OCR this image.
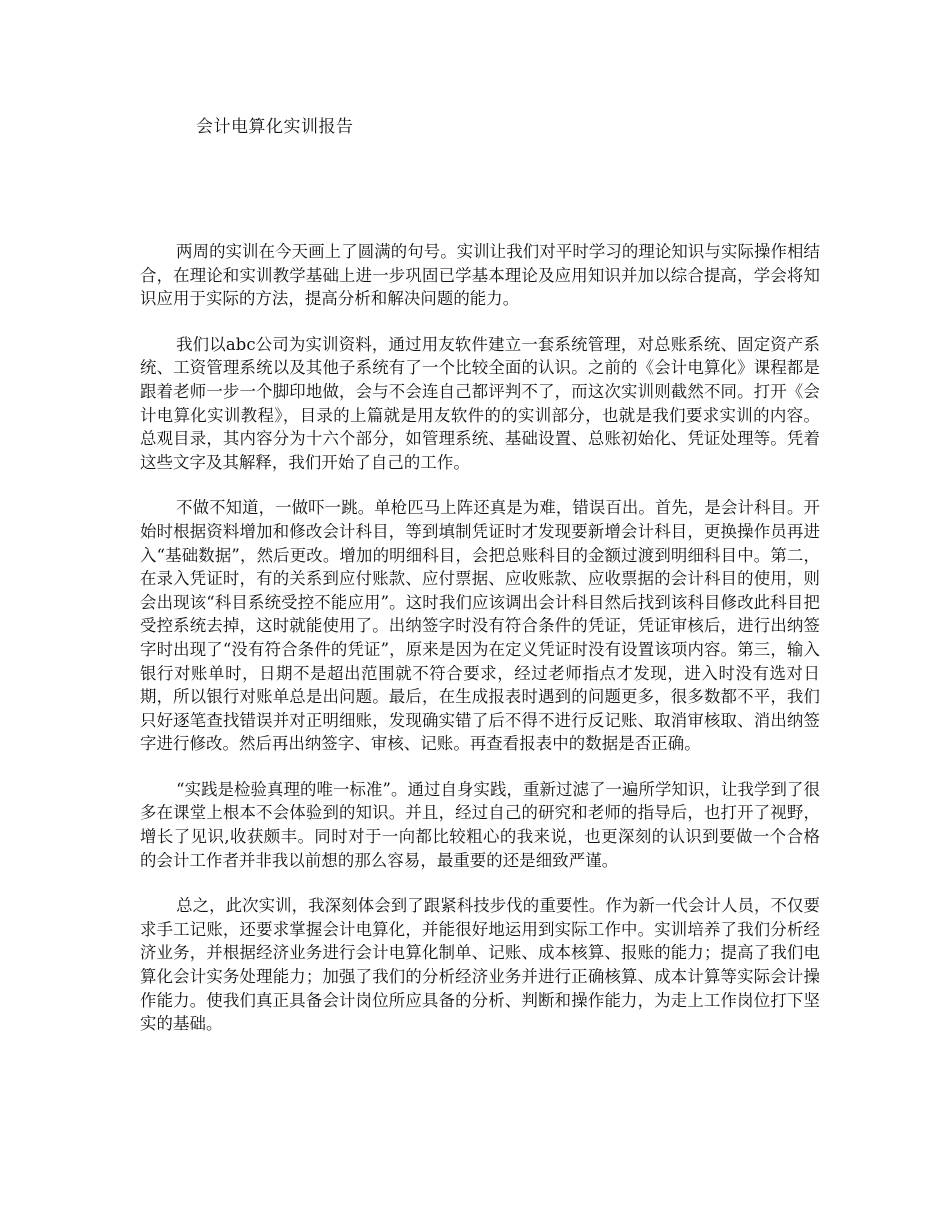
会计电算化实训报告

两周的实训在今天画上了圆满的句号。实训让我们对平时学习的理论知识与实际操作相结合，在理论和实训教学基础上进一步巩固已学基本理论及应用知识并加以综合提高，学会将知识应用于实际的方法，提高分析和解决问题的能力。

我们以abc公司为实训资料，通过用友软件建立一套系统管理，对总账系统、固定资产系统、工资管理系统以及其他子系统有了一个比较全面的认识。之前的《会计电算化》课程都是跟着老师一步一个脚印地做，会与不会连自己都评判不了，而这次实训则截然不同。打开《会计电算化实训教程》，目录的上篇就是用友软件的的实训部分，也就是我们要求实训的内容。总观目录，其内容分为十六个部分，如管理系统、基础设置、总账初始化、凭证处理等。凭着这些文字及其解释，我们开始了自己的工作。

不做不知道，一做吓一跳。单枪匹马上阵还真是为难，错误百出。首先，是会计科目。开始时根据资料增加和修改会计科目，等到填制凭证时才发现要新增会计科目，更换操作员再进入“基础数据”，然后更改。增加的明细科目，会把总账科目的金额过渡到明细科目中。第二，在录入凭证时，有的关系到应付账款、应付票据、应收账款、应收票据的会计科目的使用，则会出现该“科目系统受控不能应用”。这时我们应该调出会计科目然后找到该科目修改此科目把受控系统去掉，这时就能使用了。出纳签字时没有符合条件的凭证，凭证审核后，进行出纳签字时出现了“没有符合条件的凭证”，原来是因为在定义凭证时没有设置该项内容。第三，输入银行对账单时，日期不是超出范围就不符合要求，经过老师指点才发现，进入时没有选对日期，所以银行对账单总是出问题。最后，在生成报表时遇到的问题更多，很多数都不平，我们只好逐笔查找错误并对正明细账，发现确实错了后不得不进行反记账、取消审核取、消出纳签字进行修改。然后再出纳签字、审核、记账。再查看报表中的数据是否正确。

“实践是检验真理的唯一标准”。通过自身实践，重新过滤了一遍所学知识，让我学到了很多在课堂上根本不会体验到的知识。并且，经过自己的研究和老师的指导后，也打开了视野，增长了见识,收获颇丰。同时对于一向都比较粗心的我来说，也更深刻的认识到要做一个合格的会计工作者并非我以前想的那么容易，最重要的还是细致严谨。

总之，此次实训，我深刻体会到了跟紧科技步伐的重要性。作为新一代会计人员，不仅要求手工记账，还要求掌握会计电算化，并能很好地运用到实际工作中。实训培养了我们分析经济业务，并根据经济业务进行会计电算化制单、记账、成本核算、报账的能力；提高了我们电算化会计实务处理能力；加强了我们的分析经济业务并进行正确核算、成本计算等实际会计操作能力。使我们真正具备会计岗位所应具备的分析、判断和操作能力，为走上工作岗位打下坚实的基础。
